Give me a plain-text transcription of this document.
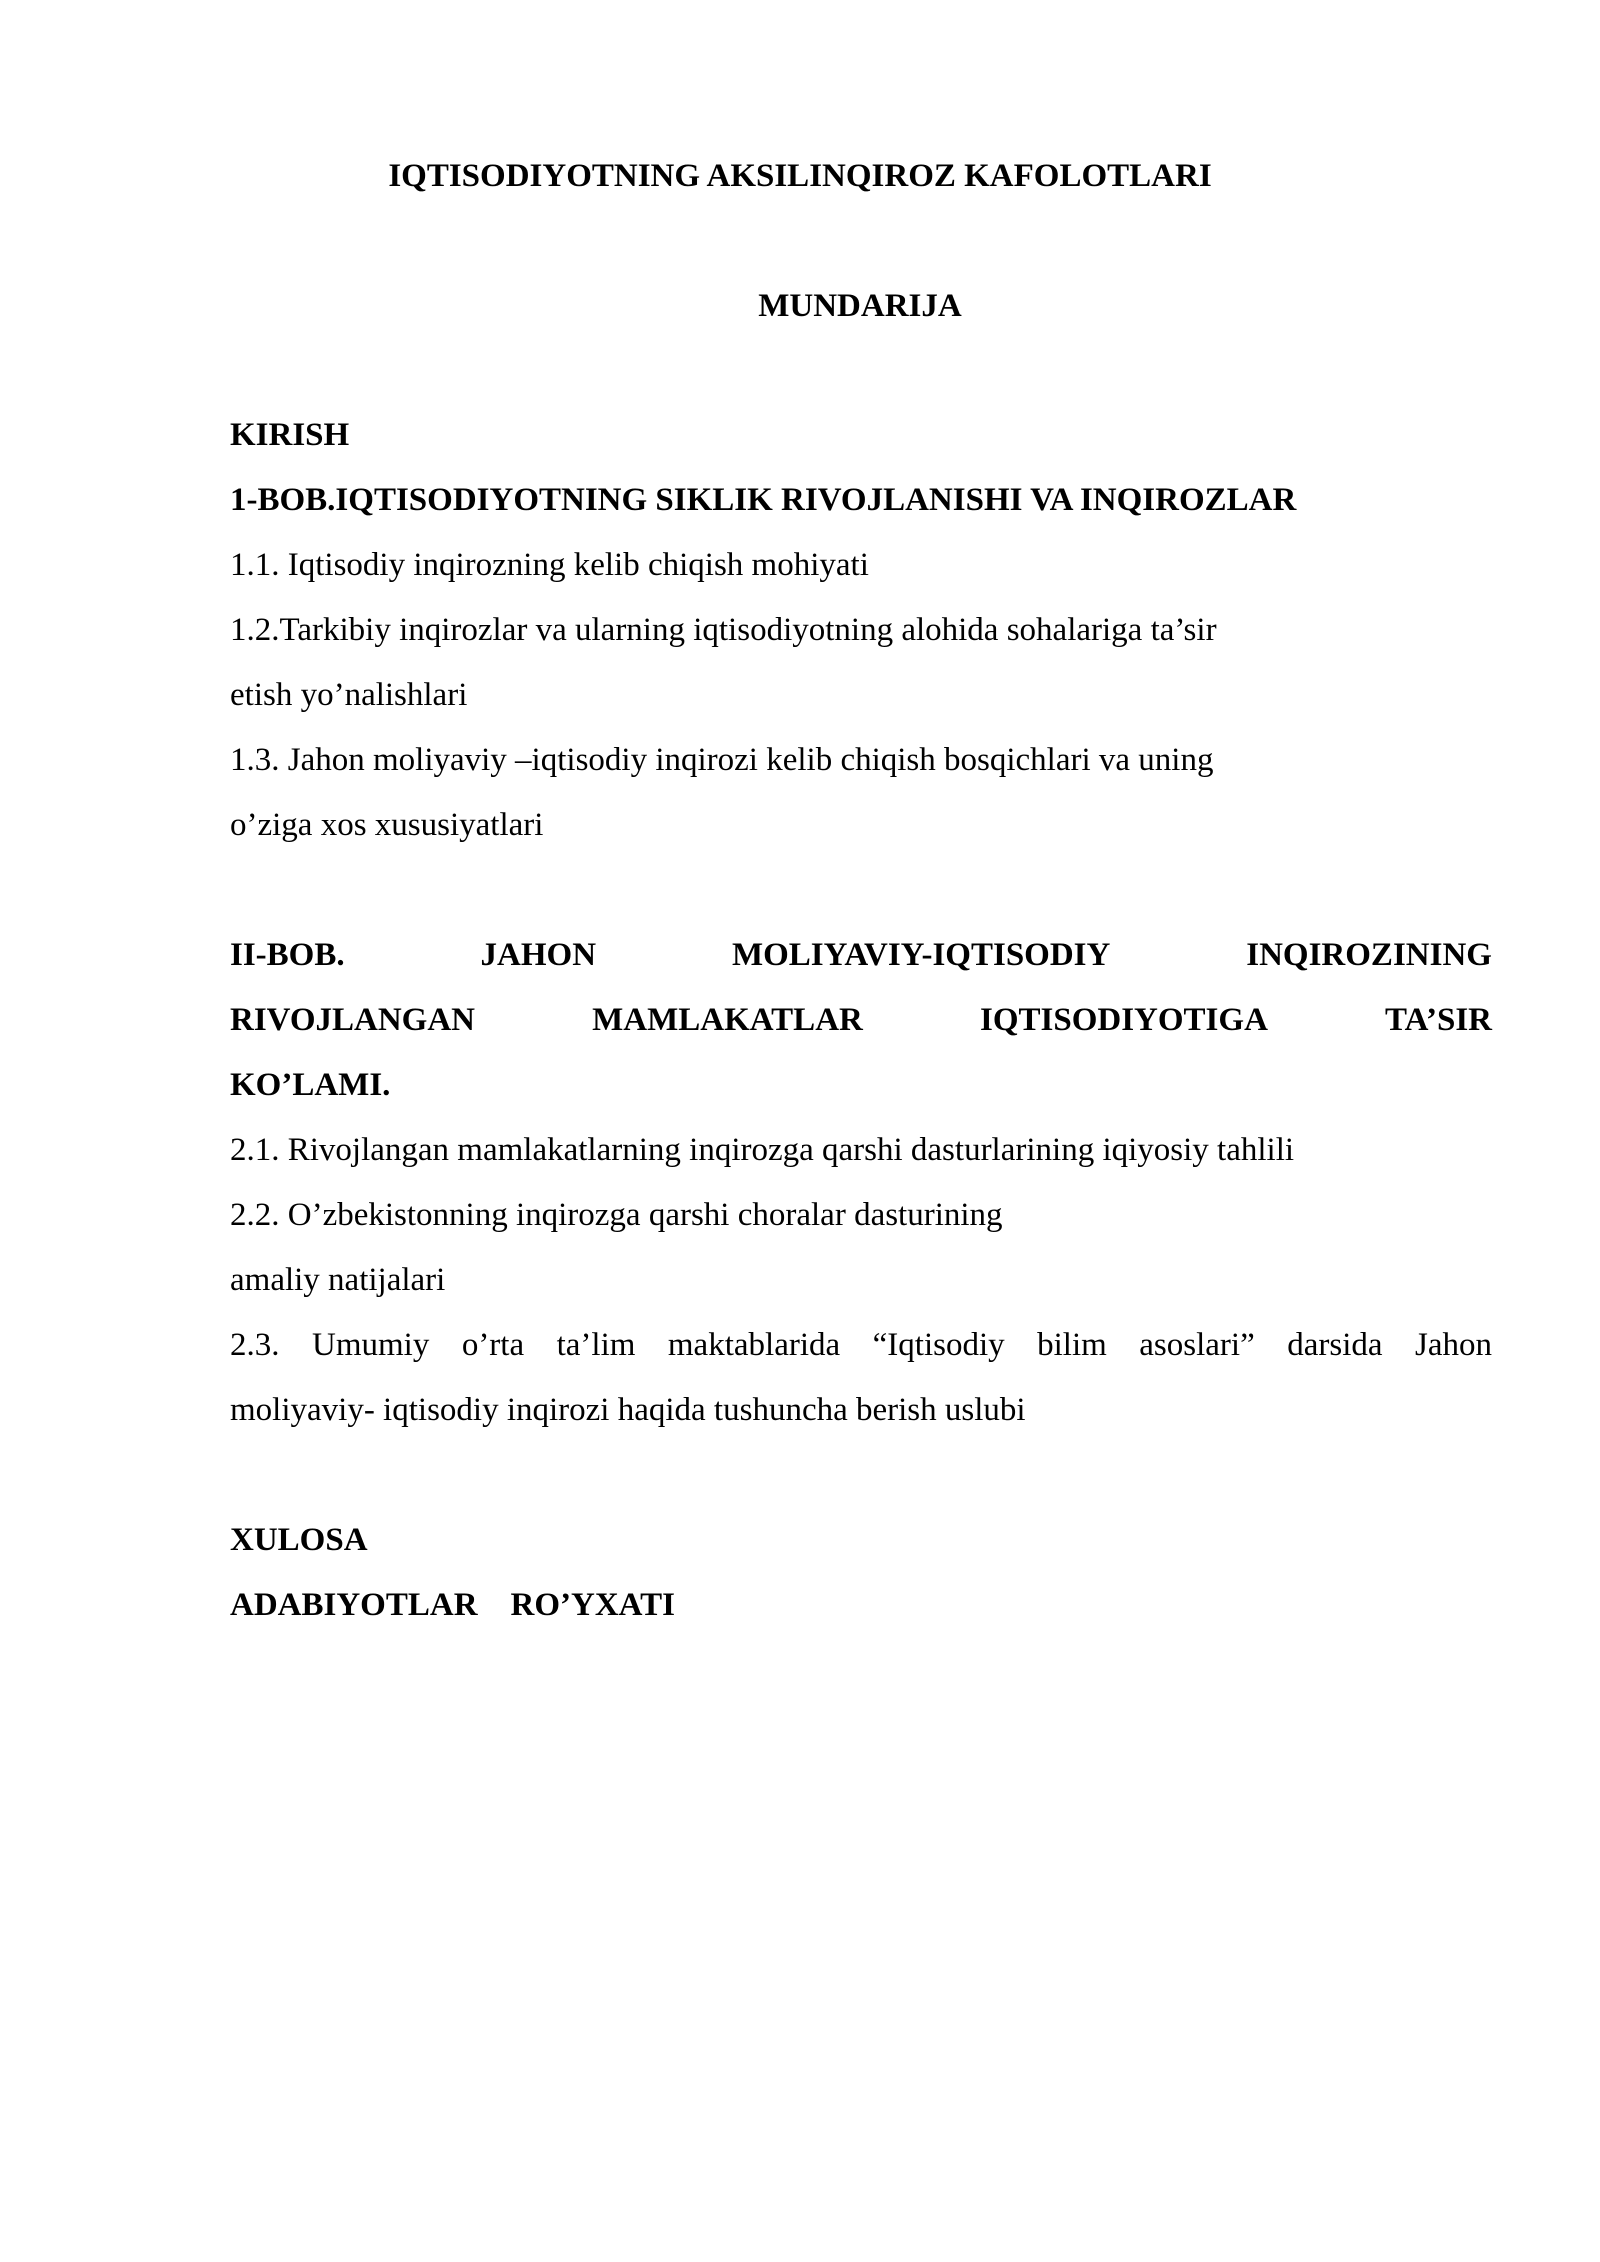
IQTISODIYOTNING AKSILINQIROZ KAFOLOTLARI
MUNDARIJA
KIRISH
1-BOB.IQTISODIYOTNING SIKLIK RIVOJLANISHI VA INQIROZLAR
1.1. Iqtisodiy inqirozning kelib chiqish mohiyati
1.2.Tarkibiy inqirozlar va ularning iqtisodiyotning alohida sohalariga ta’sir
etish yo’nalishlari
1.3. Jahon moliyaviy –iqtisodiy inqirozi kelib chiqish bosqichlari va uning
o’ziga xos xususiyatlari
II-BOB.	JAHON	MOLIYAVIY-IQTISODIY	INQIROZINING
RIVOJLANGAN	MAMLAKATLAR	IQTISODIYOTIGA	TA’SIR
KO’LAMI.
2.1. Rivojlangan mamlakatlarning inqirozga qarshi dasturlarining iqiyosiy tahlili
2.2. O’zbekistonning inqirozga qarshi choralar dasturining
amaliy natijalari
2.3. Umumiy o’rta ta’lim maktablarida “Iqtisodiy bilim asoslari” darsida Jahon
moliyaviy- iqtisodiy inqirozi haqida tushuncha berish uslubi
XULOSA
ADABIYOTLAR    RO’YXATI
